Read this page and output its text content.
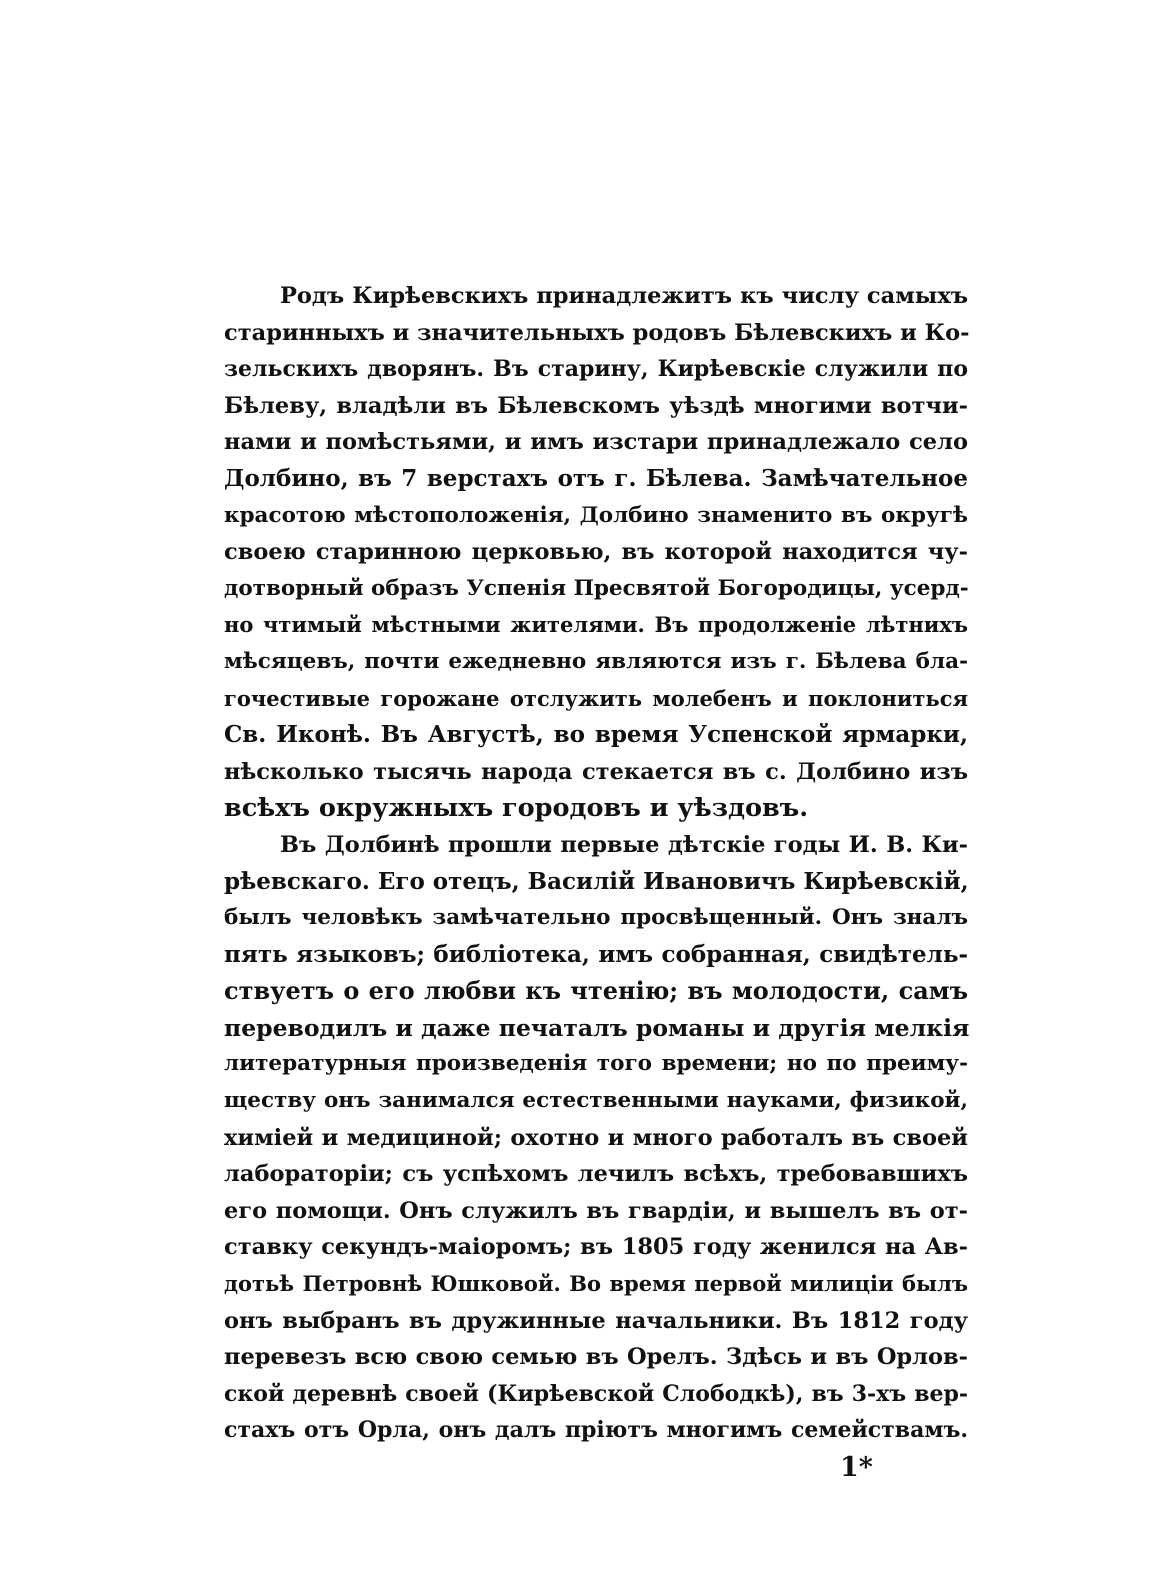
Родъ Кирѣевскихъ принадлежитъ къ числу самыхъ
старинныхъ и значительныхъ родовъ Бѣлевскихъ и Ко-
зельскихъ дворянъ. Въ старину, Кирѣевскіе служили по
Бѣлеву, владѣли въ Бѣлевскомъ уѣздѣ многими вотчи-
нами и помѣстьями, и имъ изстари принадлежало село
Долбино, въ 7 верстахъ отъ г. Бѣлева. Замѣчательное
красотою мѣстоположенія, Долбино знаменито въ округѣ
своею старинною церковью, въ которой находится чу-
дотворный образъ Успенія Пресвятой Богородицы, усерд-
но чтимый мѣстными жителями. Въ продолженіе лѣтнихъ
мѣсяцевъ, почти ежедневно являются изъ г. Бѣлева бла-
гочестивые горожане отслужить молебенъ и поклониться
Св. Иконѣ. Въ Августѣ, во время Успенской ярмарки,
нѣсколько тысячь народа стекается въ с. Долбино изъ
всѣхъ окружныхъ городовъ и уѣздовъ.
Въ Долбинѣ прошли первые дѣтскіе годы И. В. Ки-
рѣевскаго. Его отецъ, Василій Ивановичъ Кирѣевскій,
былъ человѣкъ замѣчательно просвѣщенный. Онъ зналъ
пять языковъ; библіотека, имъ собранная, свидѣтель-
ствуетъ о его любви къ чтенію; въ молодости, самъ
переводилъ и даже печаталъ романы и другія мелкія
литературныя произведенія того времени; но по преиму-
ществу онъ занимался естественными науками, физикой,
химіей и медициной; охотно и много работалъ въ своей
лабораторіи; съ успѣхомъ лечилъ всѣхъ, требовавшихъ
его помощи. Онъ служилъ въ гвардіи, и вышелъ въ от-
ставку секундъ-маіоромъ; въ 1805 году женился на Ав-
дотьѣ Петровнѣ Юшковой. Во время первой милиціи былъ
онъ выбранъ въ дружинные начальники. Въ 1812 году
перевезъ всю свою семью въ Орелъ. Здѣсь и въ Орлов-
ской деревнѣ своей (Кирѣевской Слободкѣ), въ 3-хъ вер-
стахъ отъ Орла, онъ далъ пріютъ многимъ семействамъ.
1*
